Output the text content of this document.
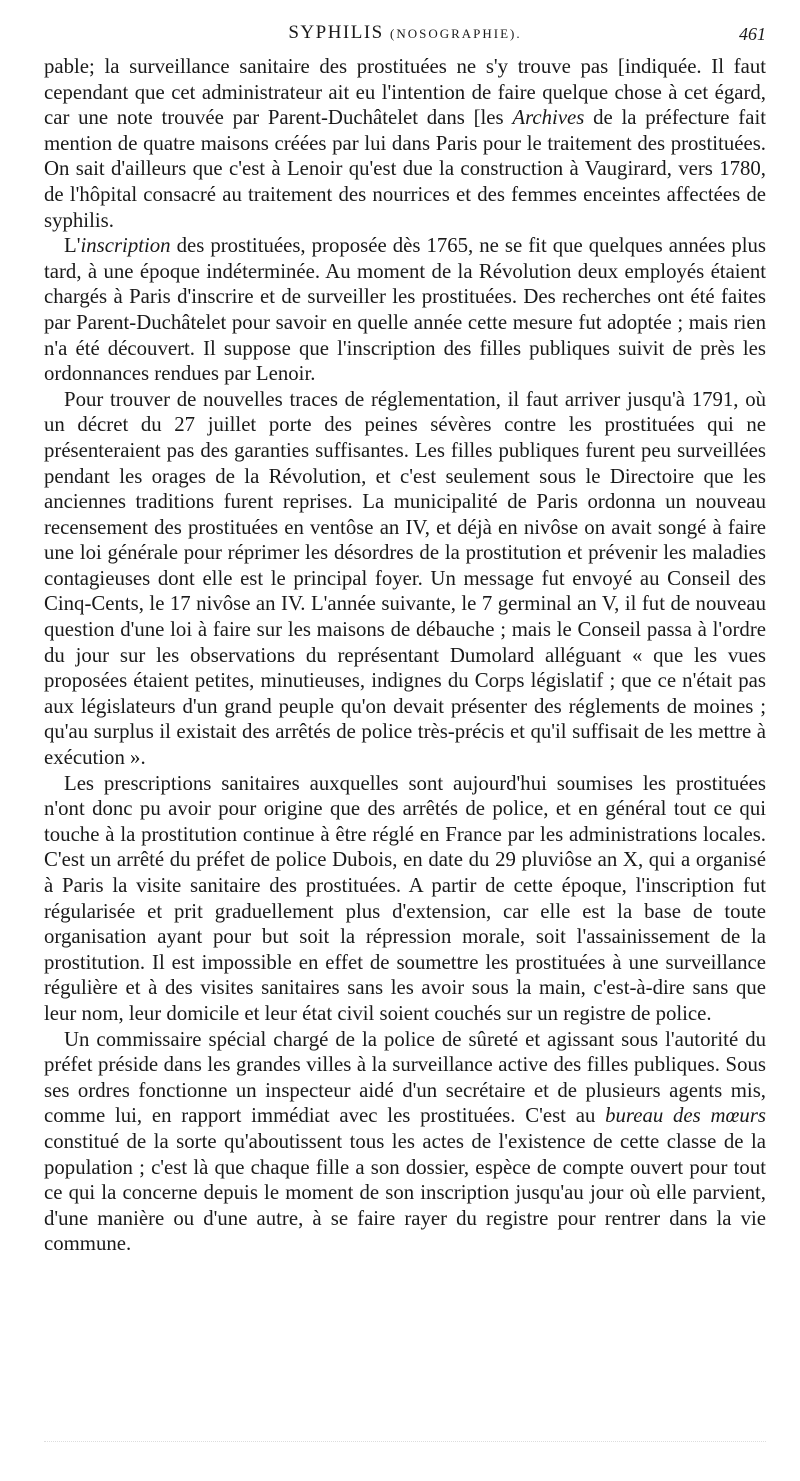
SYPHILIS (NOSOGRAPHIE).	461

pable; la surveillance sanitaire des prostituées ne s'y trouve pas [indiquée. Il faut cependant que cet administrateur ait eu l'intention de faire quelque chose à cet égard, car une note trouvée par Parent-Duchâtelet dans [les Archives de la préfecture fait mention de quatre maisons créées par lui dans Paris pour le traitement des prostituées. On sait d'ailleurs que c'est à Lenoir qu'est due la construction à Vaugirard, vers 1780, de l'hôpital consacré au traitement des nourrices et des femmes enceintes affectées de syphilis.

L'inscription des prostituées, proposée dès 1765, ne se fit que quelques années plus tard, à une époque indéterminée. Au moment de la Révolution deux employés étaient chargés à Paris d'inscrire et de surveiller les prostituées. Des recherches ont été faites par Parent-Duchâtelet pour savoir en quelle année cette mesure fut adoptée ; mais rien n'a été découvert. Il suppose que l'inscription des filles publiques suivit de près les ordonnances rendues par Lenoir.

Pour trouver de nouvelles traces de réglementation, il faut arriver jusqu'à 1791, où un décret du 27 juillet porte des peines sévères contre les prostituées qui ne présenteraient pas des garanties suffisantes. Les filles publiques furent peu surveillées pendant les orages de la Révolution, et c'est seulement sous le Directoire que les anciennes traditions furent reprises. La municipalité de Paris ordonna un nouveau recensement des prostituées en ventôse an IV, et déjà en nivôse on avait songé à faire une loi générale pour réprimer les désordres de la prostitution et prévenir les maladies contagieuses dont elle est le principal foyer. Un message fut envoyé au Conseil des Cinq-Cents, le 17 nivôse an IV. L'année suivante, le 7 germinal an V, il fut de nouveau question d'une loi à faire sur les maisons de débauche ; mais le Conseil passa à l'ordre du jour sur les observations du représentant Dumolard alléguant « que les vues proposées étaient petites, minutieuses, indignes du Corps législatif ; que ce n'était pas aux législateurs d'un grand peuple qu'on devait présenter des réglements de moines ; qu'au surplus il existait des arrêtés de police très-précis et qu'il suffisait de les mettre à exécution ».

Les prescriptions sanitaires auxquelles sont aujourd'hui soumises les prostituées n'ont donc pu avoir pour origine que des arrêtés de police, et en général tout ce qui touche à la prostitution continue à être réglé en France par les administrations locales. C'est un arrêté du préfet de police Dubois, en date du 29 pluviôse an X, qui a organisé à Paris la visite sanitaire des prostituées. A partir de cette époque, l'inscription fut régularisée et prit graduellement plus d'extension, car elle est la base de toute organisation ayant pour but soit la répression morale, soit l'assainissement de la prostitution. Il est impossible en effet de soumettre les prostituées à une surveillance régulière et à des visites sanitaires sans les avoir sous la main, c'est-à-dire sans que leur nom, leur domicile et leur état civil soient couchés sur un registre de police.

Un commissaire spécial chargé de la police de sûreté et agissant sous l'autorité du préfet préside dans les grandes villes à la surveillance active des filles publiques. Sous ses ordres fonctionne un inspecteur aidé d'un secrétaire et de plusieurs agents mis, comme lui, en rapport immédiat avec les prostituées. C'est au bureau des mœurs constitué de la sorte qu'aboutissent tous les actes de l'existence de cette classe de la population ; c'est là que chaque fille a son dossier, espèce de compte ouvert pour tout ce qui la concerne depuis le moment de son inscription jusqu'au jour où elle parvient, d'une manière ou d'une autre, à se faire rayer du registre pour rentrer dans la vie commune.
